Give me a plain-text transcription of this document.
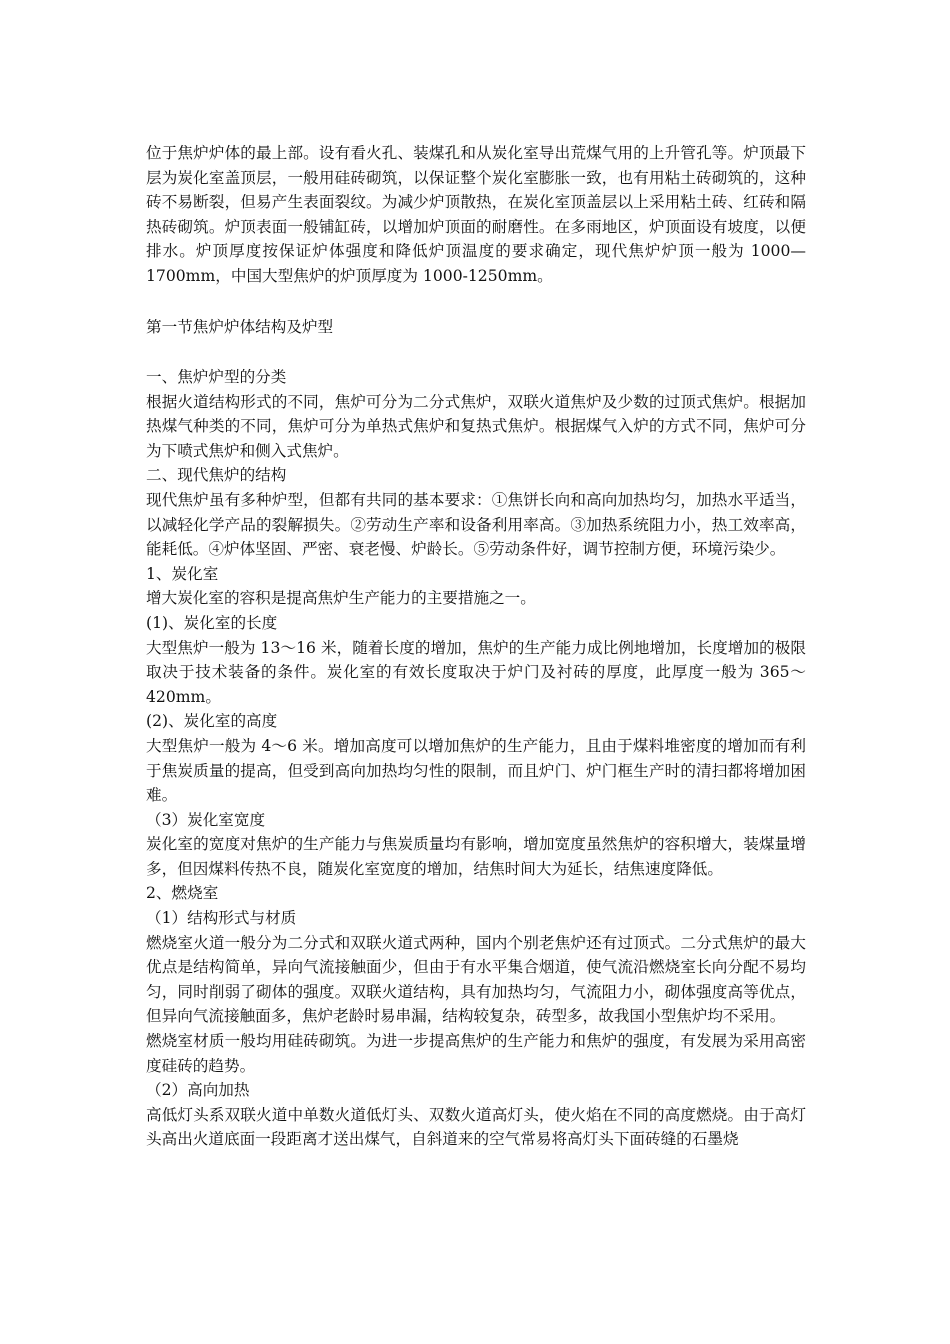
位于焦炉炉体的最上部。设有看火孔、装煤孔和从炭化室导出荒煤气用的上升管孔等。炉顶最下层为炭化室盖顶层，一般用硅砖砌筑，以保证整个炭化室膨胀一致，也有用粘土砖砌筑的，这种砖不易断裂，但易产生表面裂纹。为减少炉顶散热，在炭化室顶盖层以上采用粘土砖、红砖和隔热砖砌筑。炉顶表面一般铺缸砖，以增加炉顶面的耐磨性。在多雨地区，炉顶面设有坡度，以便排水。炉顶厚度按保证炉体强度和降低炉顶温度的要求确定，现代焦炉炉顶一般为 1000—1700mm，中国大型焦炉的炉顶厚度为 1000-1250mm。

第一节焦炉炉体结构及炉型

一、焦炉炉型的分类

根据火道结构形式的不同，焦炉可分为二分式焦炉，双联火道焦炉及少数的过顶式焦炉。根据加热煤气种类的不同，焦炉可分为单热式焦炉和复热式焦炉。根据煤气入炉的方式不同，焦炉可分为下喷式焦炉和侧入式焦炉。

二、现代焦炉的结构

现代焦炉虽有多种炉型，但都有共同的基本要求：①焦饼长向和高向加热均匀，加热水平适当，以减轻化学产品的裂解损失。②劳动生产率和设备利用率高。③加热系统阻力小，热工效率高，能耗低。④炉体坚固、严密、衰老慢、炉龄长。⑤劳动条件好，调节控制方便，环境污染少。

1、炭化室

增大炭化室的容积是提高焦炉生产能力的主要措施之一。

(1)、炭化室的长度

大型焦炉一般为 13～16 米，随着长度的增加，焦炉的生产能力成比例地增加，长度增加的极限取决于技术装备的条件。炭化室的有效长度取决于炉门及衬砖的厚度，此厚度一般为 365～420mm。

(2)、炭化室的高度

大型焦炉一般为 4～6 米。增加高度可以增加焦炉的生产能力，且由于煤料堆密度的增加而有利于焦炭质量的提高，但受到高向加热均匀性的限制，而且炉门、炉门框生产时的清扫都将增加困难。

（3）炭化室宽度

炭化室的宽度对焦炉的生产能力与焦炭质量均有影响，增加宽度虽然焦炉的容积增大，装煤量增多，但因煤料传热不良，随炭化室宽度的增加，结焦时间大为延长，结焦速度降低。

2、燃烧室

（1）结构形式与材质

燃烧室火道一般分为二分式和双联火道式两种，国内个别老焦炉还有过顶式。二分式焦炉的最大优点是结构简单，异向气流接触面少，但由于有水平集合烟道，使气流沿燃烧室长向分配不易均匀，同时削弱了砌体的强度。双联火道结构，具有加热均匀，气流阻力小，砌体强度高等优点，但异向气流接触面多，焦炉老龄时易串漏，结构较复杂，砖型多，故我国小型焦炉均不采用。

燃烧室材质一般均用硅砖砌筑。为进一步提高焦炉的生产能力和焦炉的强度，有发展为采用高密度硅砖的趋势。

（2）高向加热

高低灯头系双联火道中单数火道低灯头、双数火道高灯头，使火焰在不同的高度燃烧。由于高灯头高出火道底面一段距离才送出煤气，自斜道来的空气常易将高灯头下面砖缝的石墨烧
